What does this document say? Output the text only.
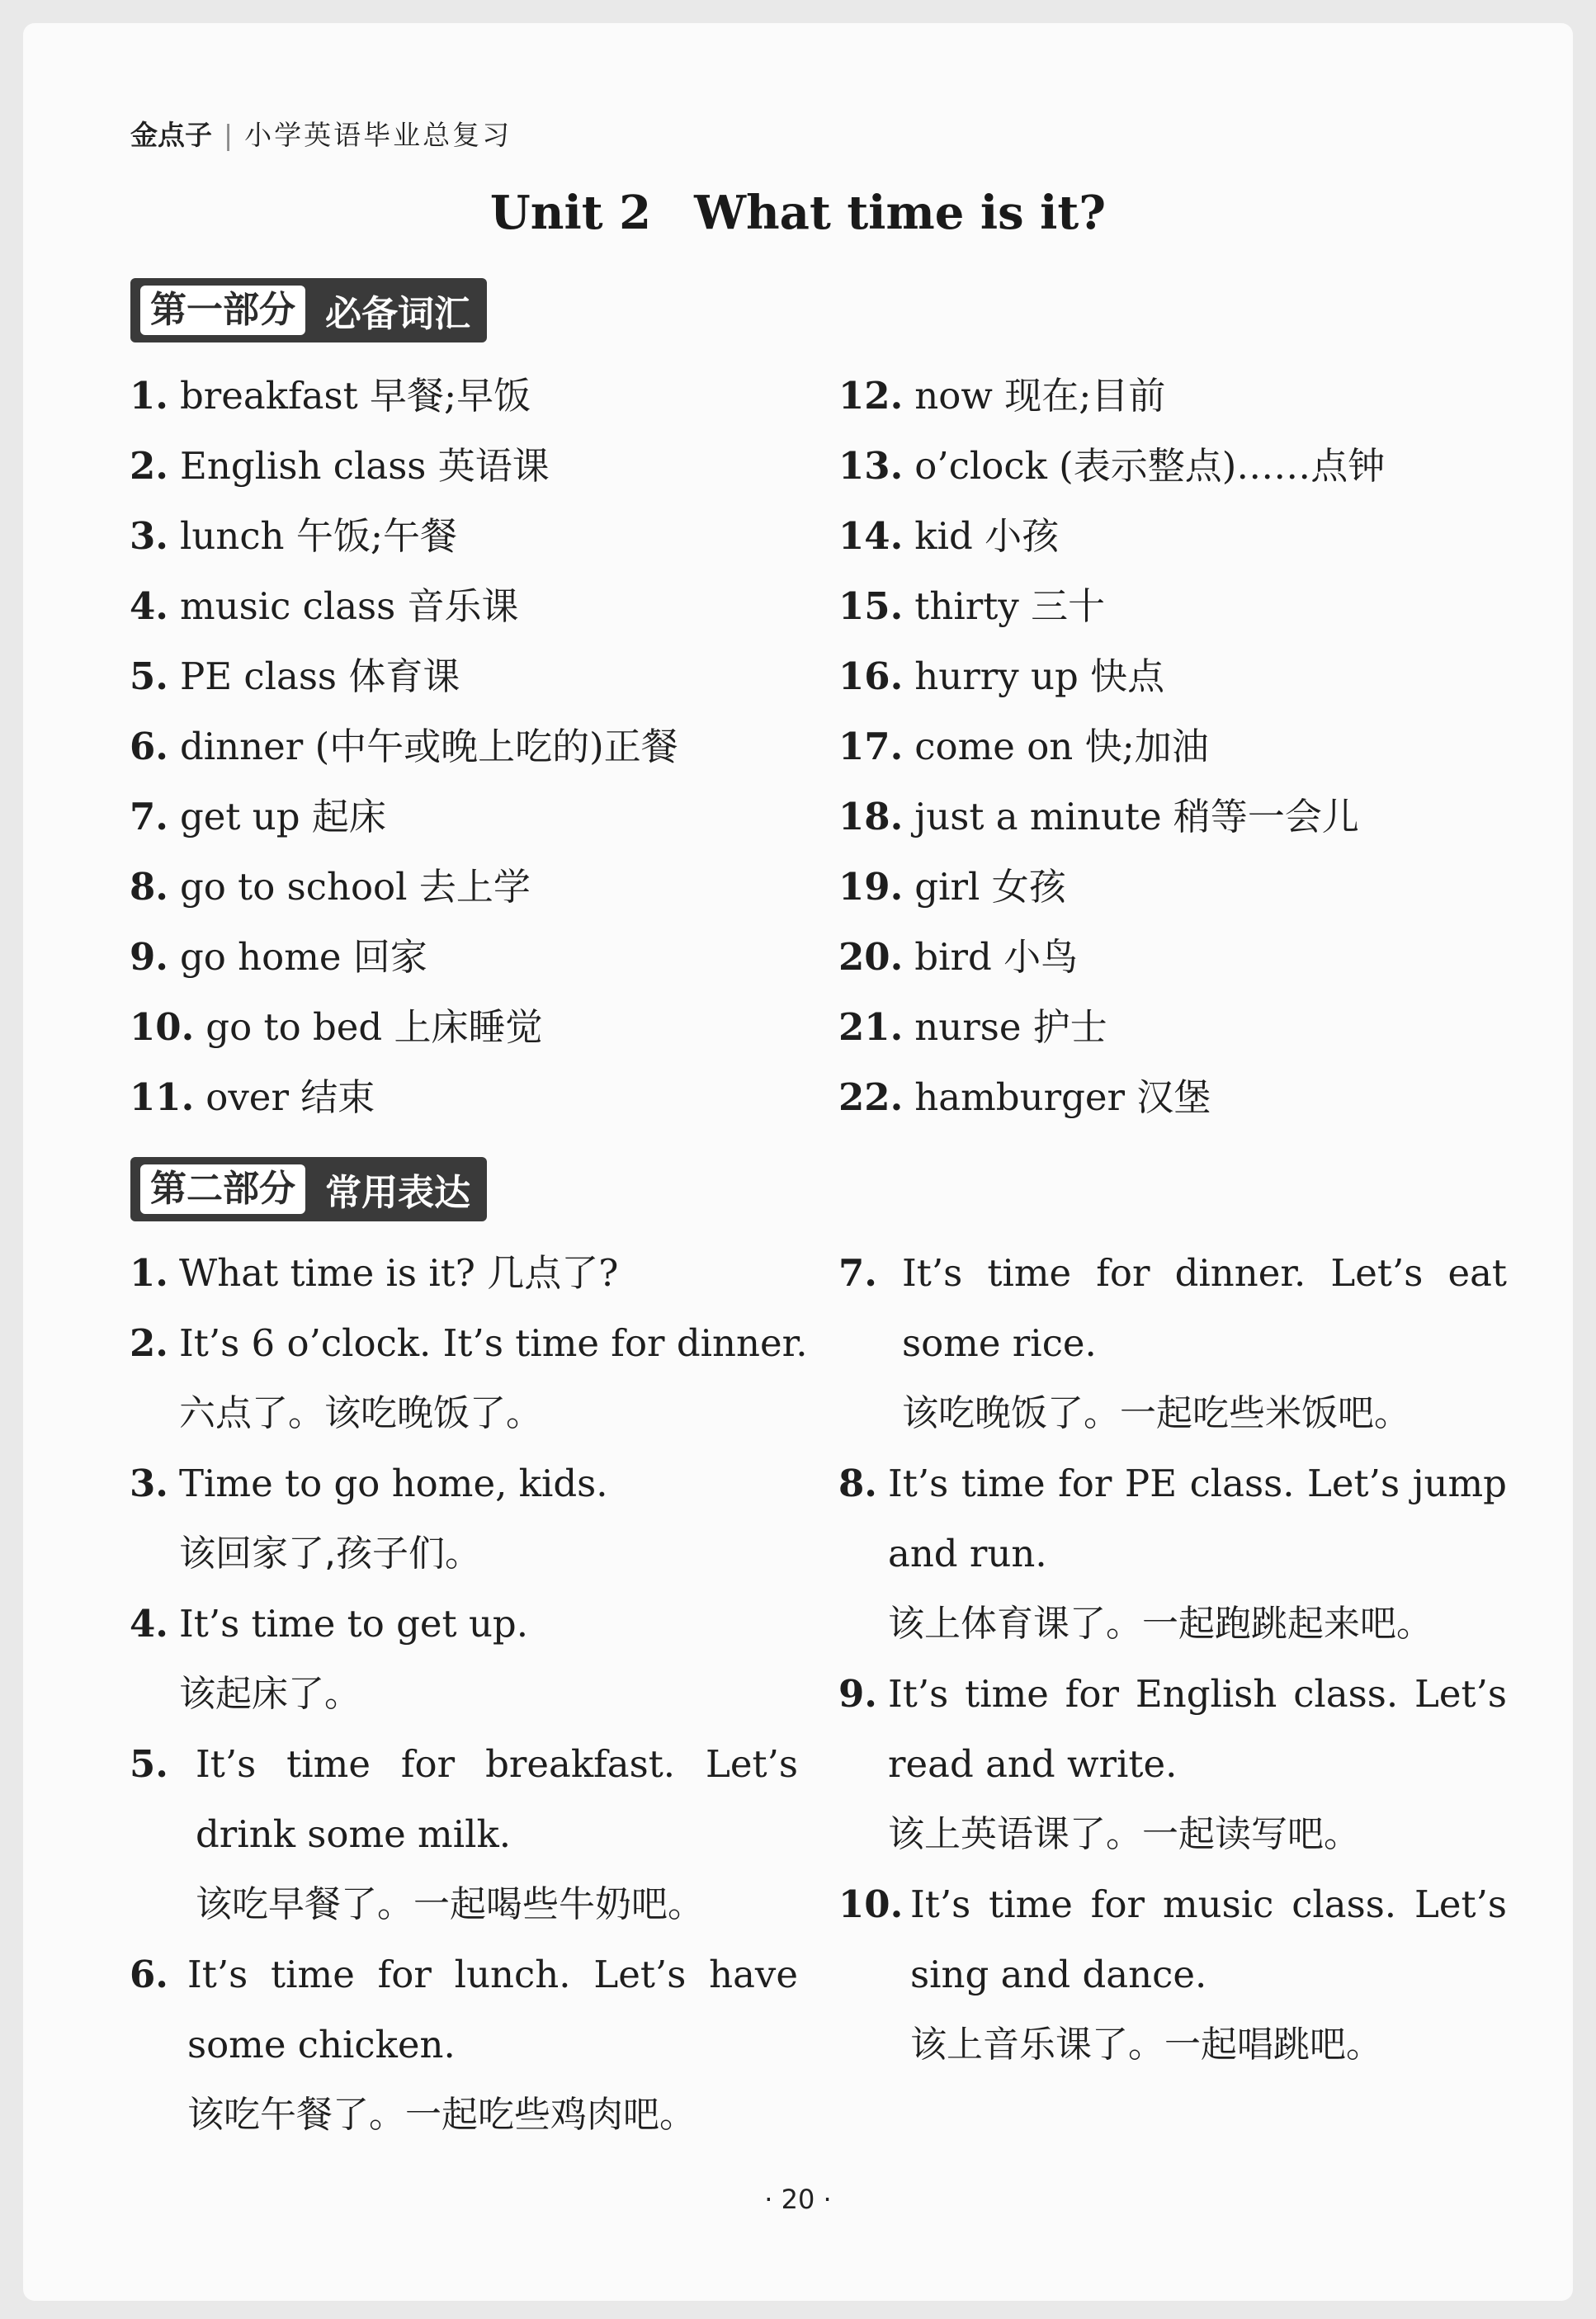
金点子 | 小学英语毕业总复习
Unit 2 What time is it?
第一部分 必备词汇
1. breakfast 早餐;早饭
2. English class 英语课
3. lunch 午饭;午餐
4. music class 音乐课
5. PE class 体育课
6. dinner (中午或晚上吃的)正餐
7. get up 起床
8. go to school 去上学
9. go home 回家
10. go to bed 上床睡觉
11. over 结束
12. now 现在;目前
13. o’clock (表示整点)……点钟
14. kid 小孩
15. thirty 三十
16. hurry up 快点
17. come on 快;加油
18. just a minute 稍等一会儿
19. girl 女孩
20. bird 小鸟
21. nurse 护士
22. hamburger 汉堡
第二部分 常用表达
1. What time is it? 几点了?
2. It’s 6 o’clock. It’s time for dinner.
六点了。该吃晚饭了。
3. Time to go home, kids.
该回家了,孩子们。
4. It’s time to get up.
该起床了。
5. It’s time for breakfast. Let’s
drink some milk.
该吃早餐了。一起喝些牛奶吧。
6. It’s time for lunch. Let’s have
some chicken.
该吃午餐了。一起吃些鸡肉吧。
7. It’s time for dinner. Let’s eat
some rice.
该吃晚饭了。一起吃些米饭吧。
8. It’s time for PE class. Let’s jump
and run.
该上体育课了。一起跑跳起来吧。
9. It’s time for English class. Let’s
read and write.
该上英语课了。一起读写吧。
10. It’s time for music class. Let’s
sing and dance.
该上音乐课了。一起唱跳吧。
· 20 ·
